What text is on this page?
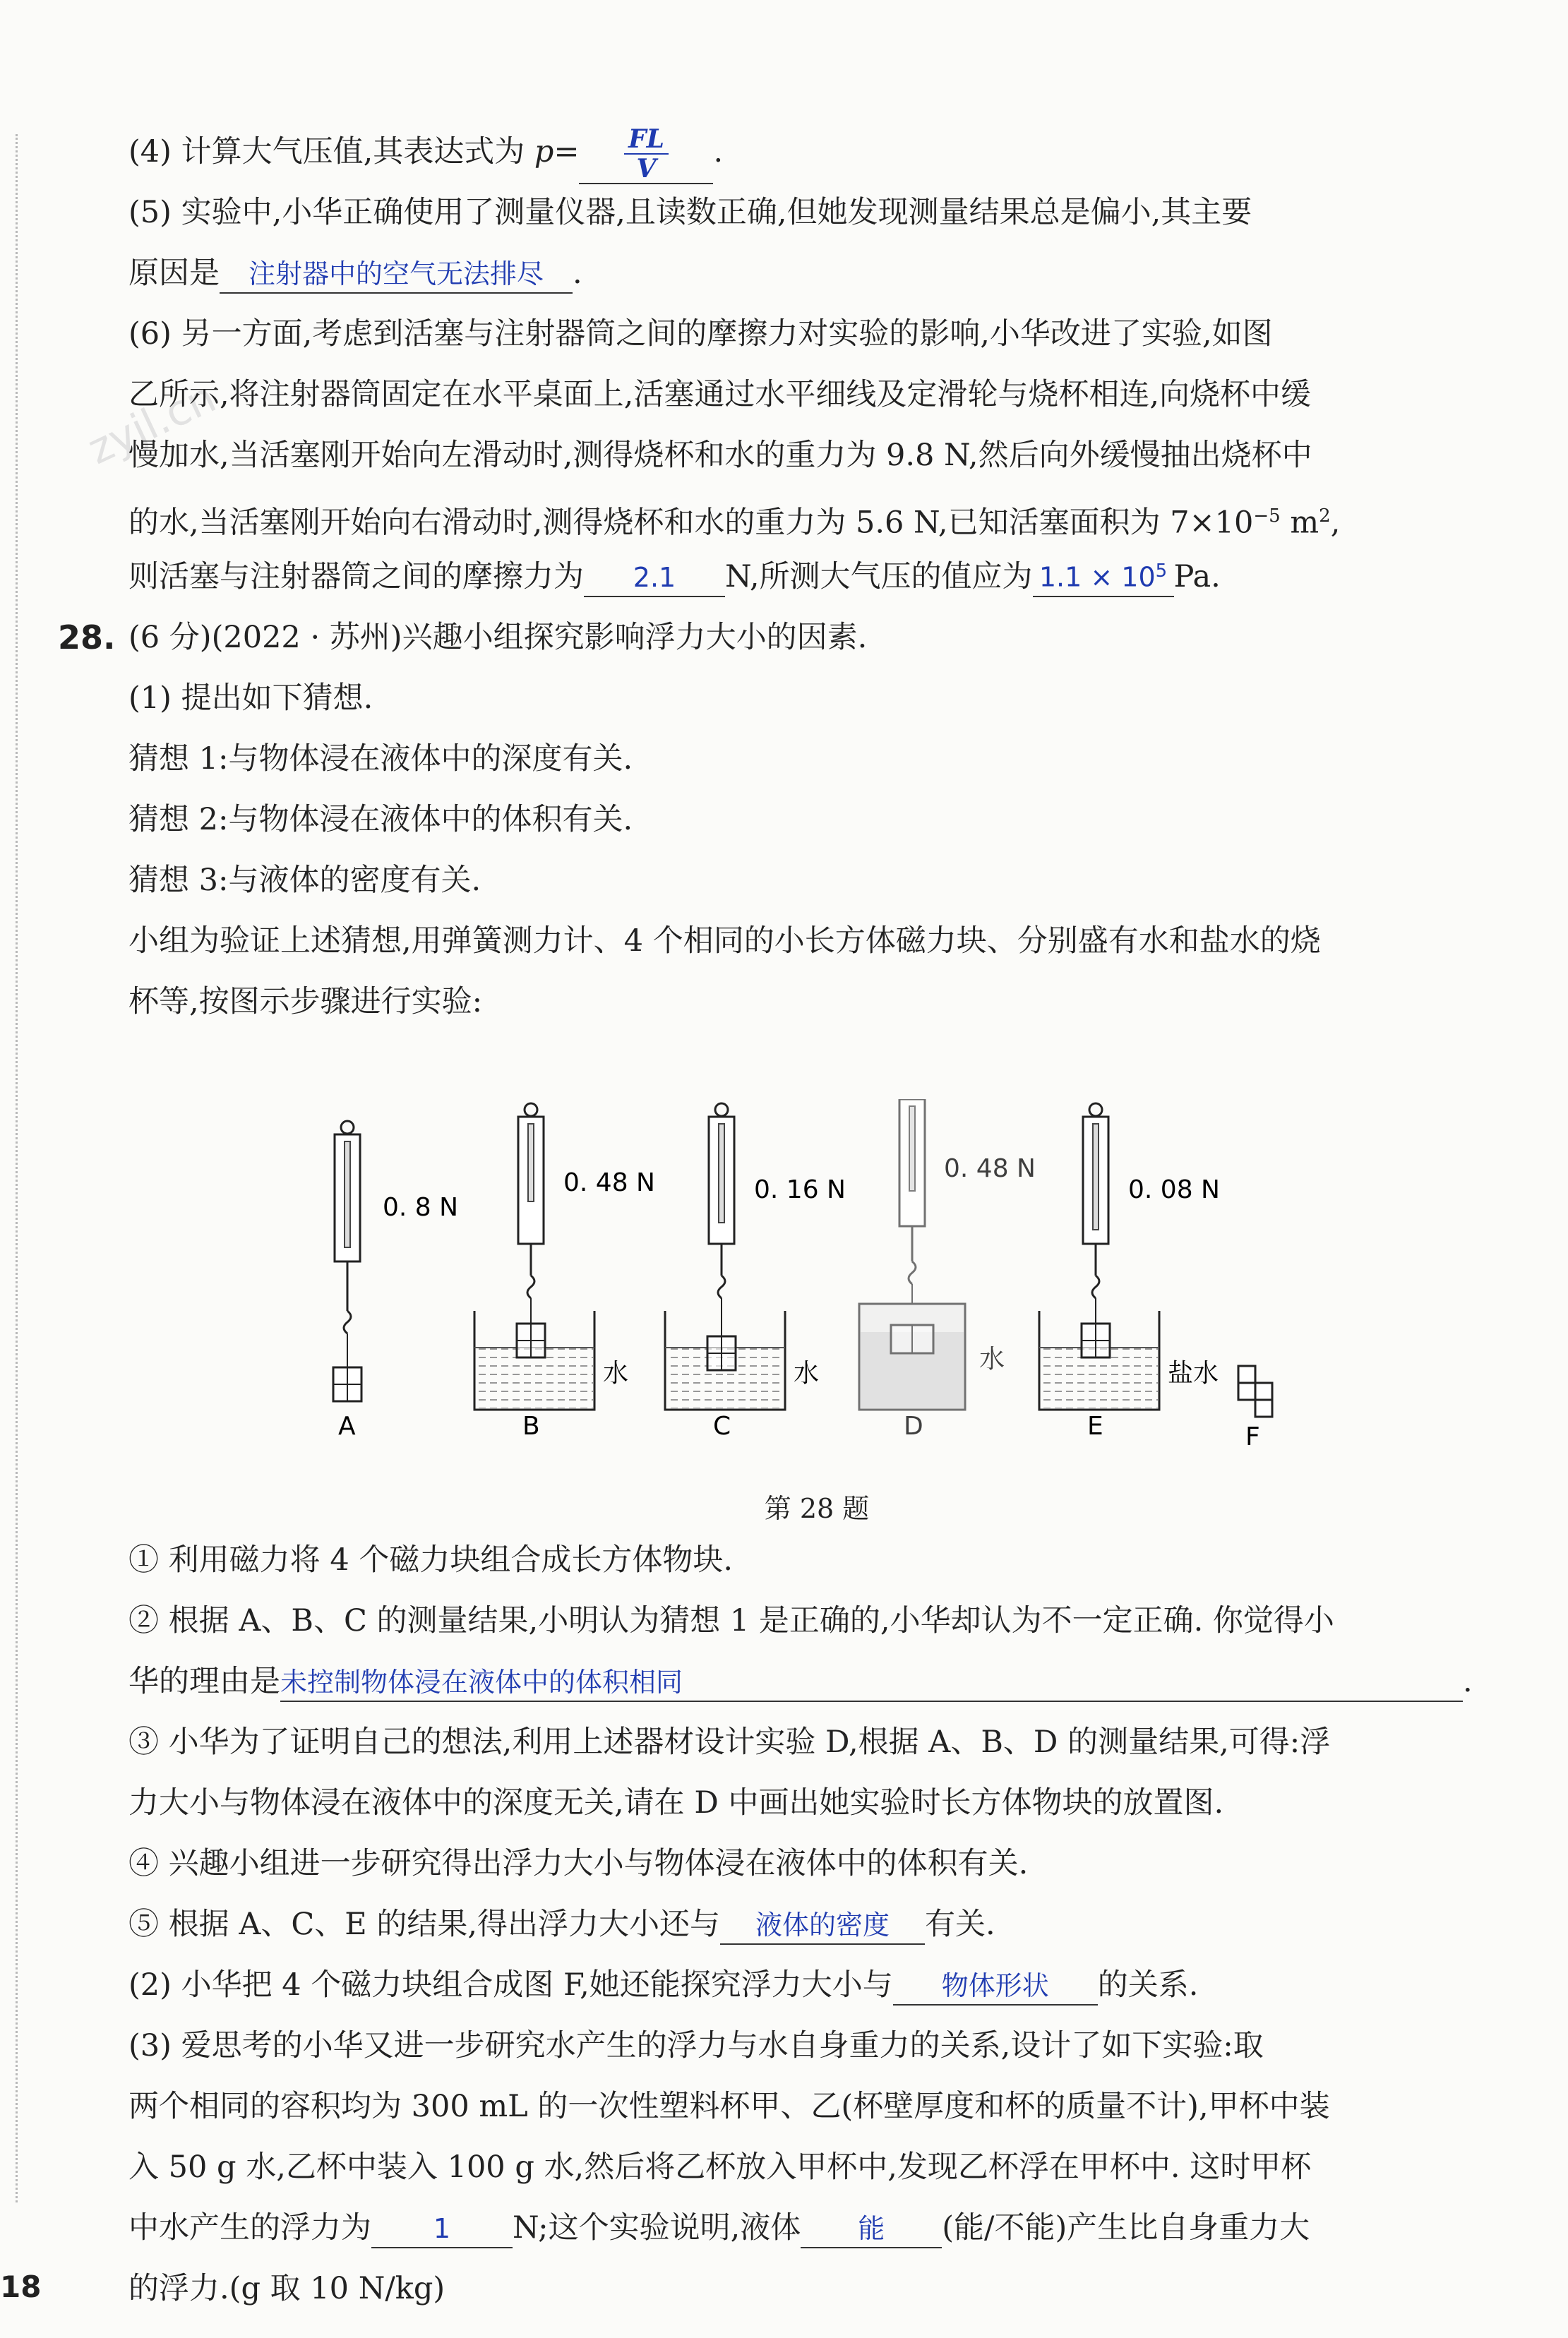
zyjl.cn
(4) 计算大气压值,其表达式为 $p= \frac{FL}{V}$ .
(5) 实验中,小华正确使用了测量仪器,且读数正确,但她发现测量结果总是偏小,其主要
原因是 注射器中的空气无法排尽 .
(6) 另一方面,考虑到活塞与注射器筒之间的摩擦力对实验的影响,小华改进了实验,如图
乙所示,将注射器筒固定在水平桌面上,活塞通过水平细线及定滑轮与烧杯相连,向烧杯中缓
慢加水,当活塞刚开始向左滑动时,测得烧杯和水的重力为 9.8 N,然后向外缓慢抽出烧杯中
的水,当活塞刚开始向右滑动时,测得烧杯和水的重力为 5.6 N,已知活塞面积为 $7\times 10^{-5}$ $m^2$,
则活塞与注射器筒之间的摩擦力为 2.1 N,所测大气压的值应为 $1.1 \times 10^5$ Pa.
28. (6 分)(2022 · 苏州)兴趣小组探究影响浮力大小的因素.
(1) 提出如下猜想.
猜想 1:与物体浸在液体中的深度有关.
猜想 2:与物体浸在液体中的体积有关.
猜想 3:与液体的密度有关.
小组为验证上述猜想,用弹簧测力计、4 个相同的小长方体磁力块、分别盛有水和盐水的烧
杯等,按图示步骤进行实验:
0. 8 N
A
0. 48 N
水
B
0. 16 N
水
C
0. 48 N
水
D
0. 08 N
盐水
E	F
第 28 题
① 利用磁力将 4 个磁力块组合成长方体物块.
② 根据 A、B、C 的测量结果,小明认为猜想 1 是正确的,小华却认为不一定正确. 你觉得小
华的理由是未控制物体浸在液体中的体积相同	.
③ 小华为了证明自己的想法,利用上述器材设计实验 D,根据 A、B、D 的测量结果,可得:浮
力大小与物体浸在液体中的深度无关,请在 D 中画出她实验时长方体物块的放置图.
④ 兴趣小组进一步研究得出浮力大小与物体浸在液体中的体积有关.
⑤ 根据 A、C、E 的结果,得出浮力大小还与 液体的密度 有关.
(2) 小华把 4 个磁力块组合成图 F,她还能探究浮力大小与 物体形状 的关系.
(3) 爱思考的小华又进一步研究水产生的浮力与水自身重力的关系,设计了如下实验:取
两个相同的容积均为 300 mL 的一次性塑料杯甲、乙(杯壁厚度和杯的质量不计),甲杯中装
入 50 g 水,乙杯中装入 100 g 水,然后将乙杯放入甲杯中,发现乙杯浮在甲杯中. 这时甲杯
中水产生的浮力为 1 N;这个实验说明,液体 能 (能/不能)产生比自身重力大
的浮力.(g 取 10 N/kg)
18
